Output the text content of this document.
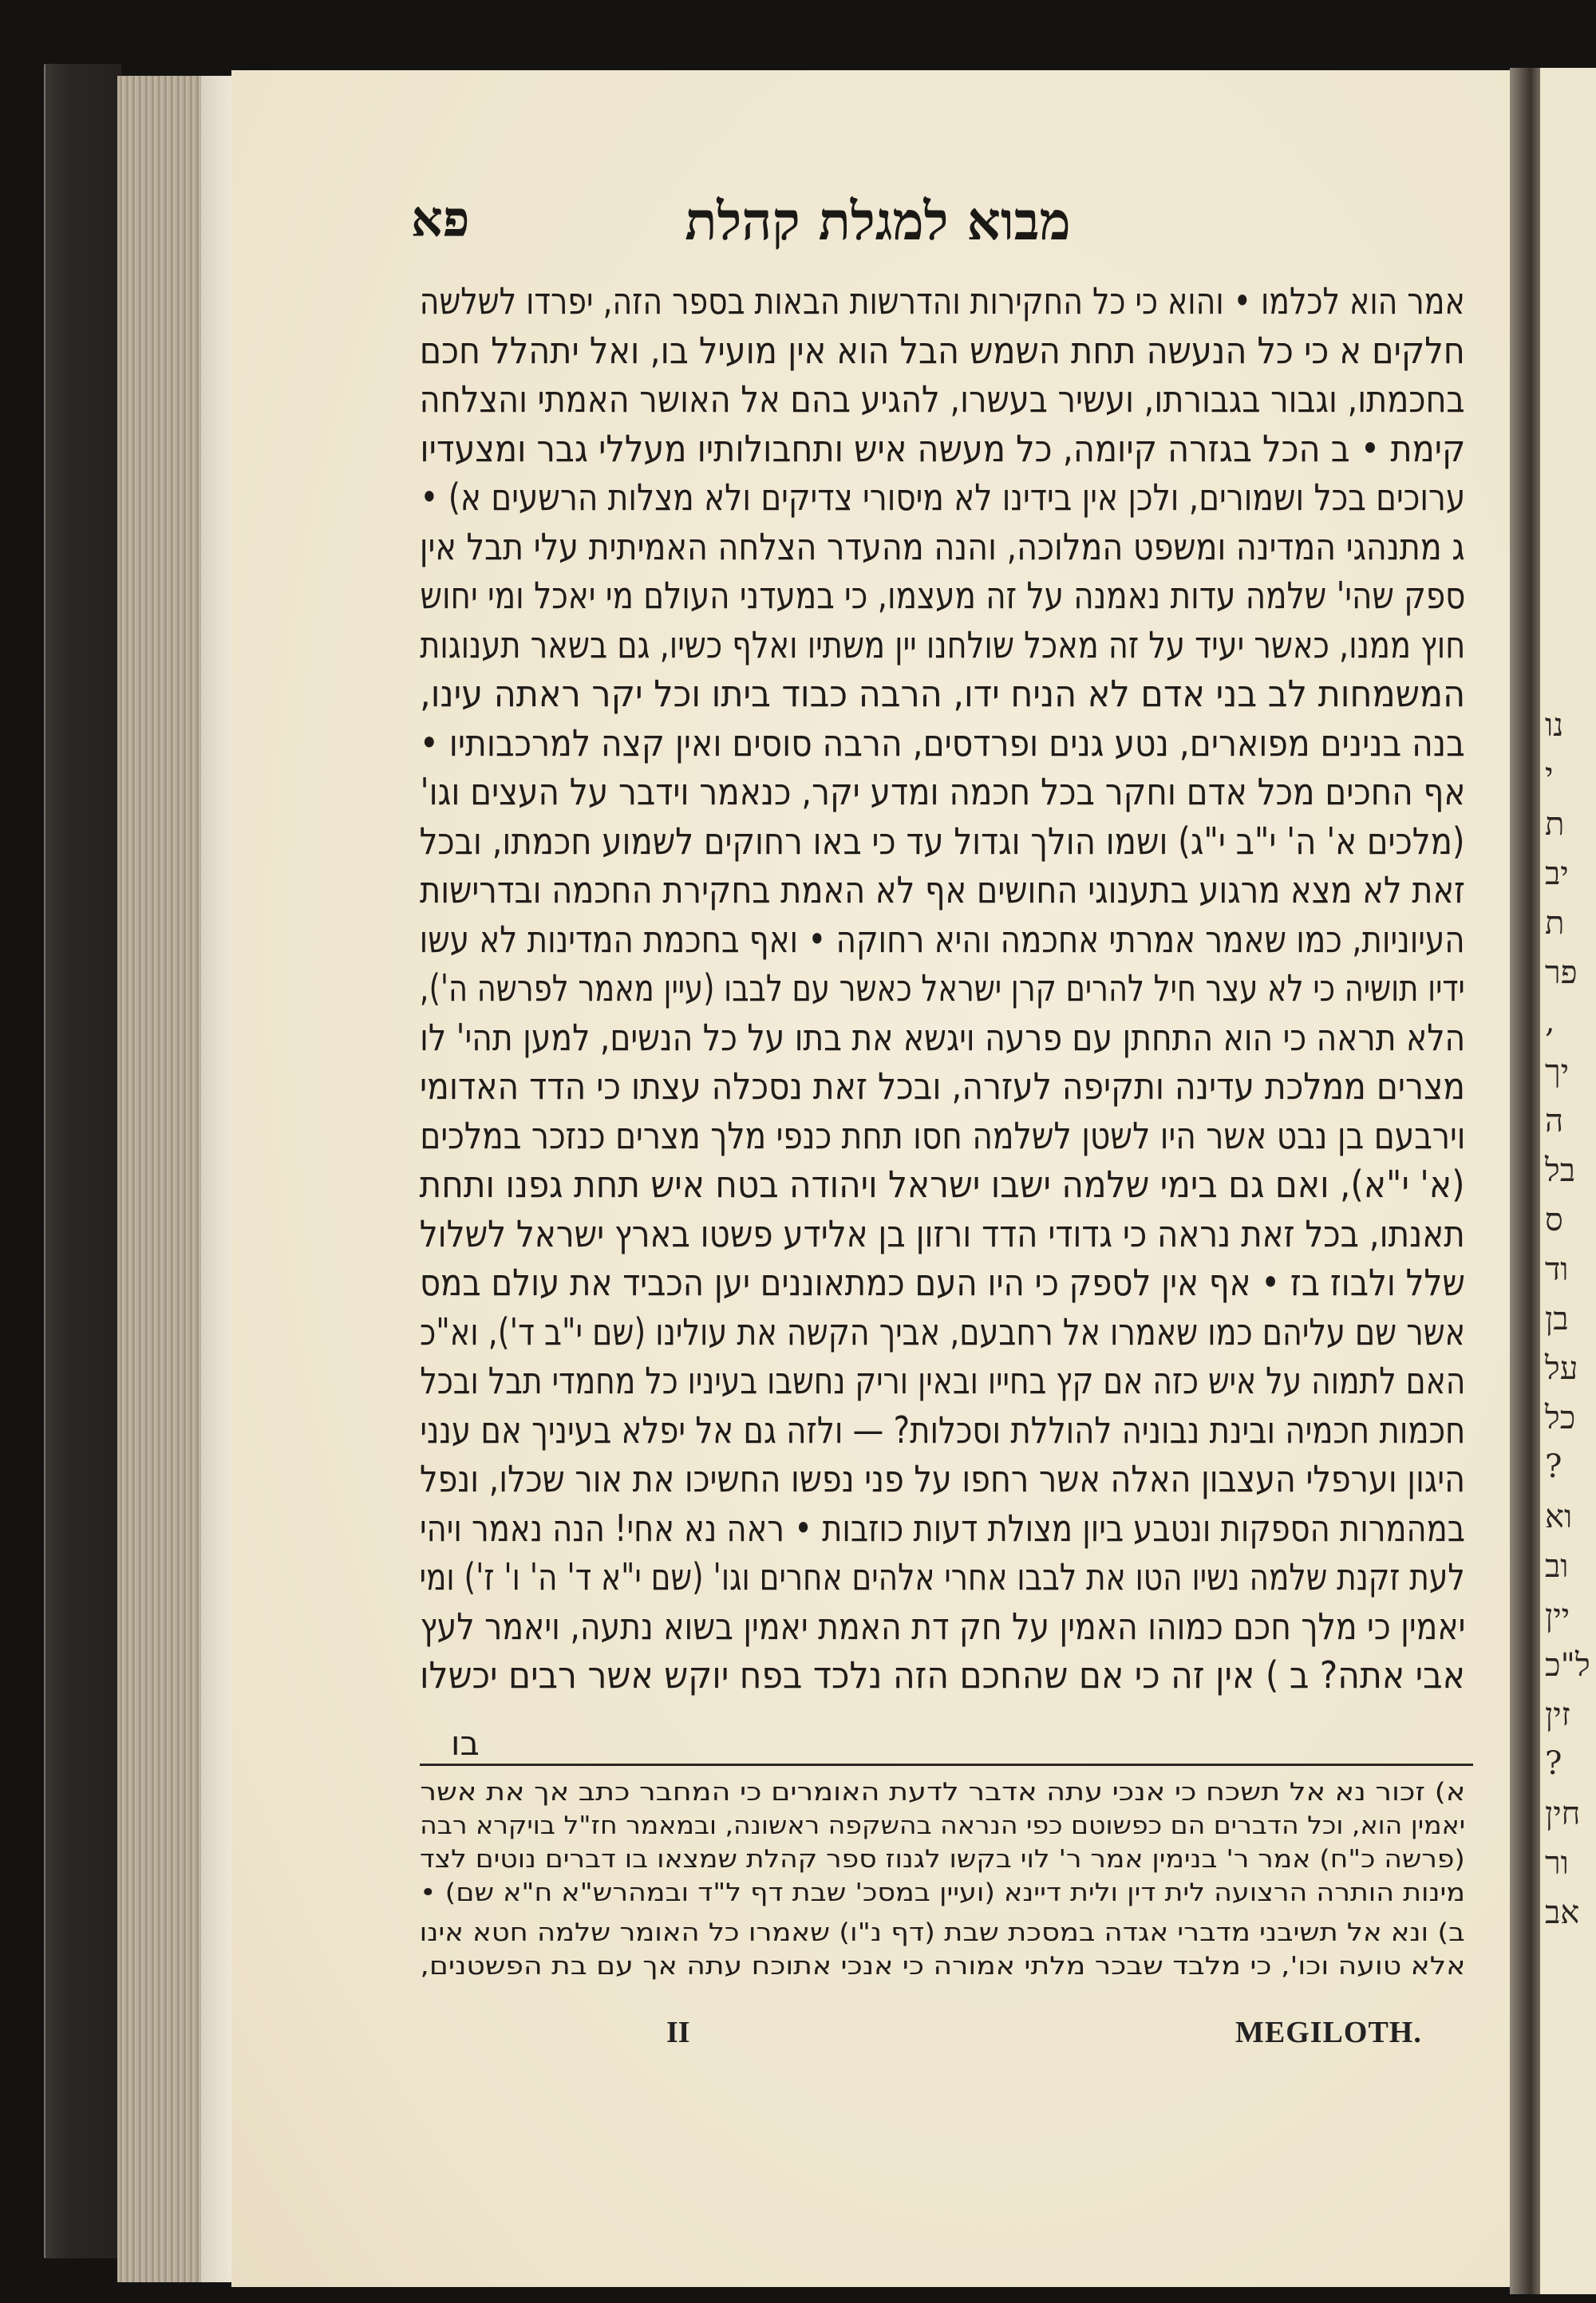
פא	מבוא למגלת קהלת
אמר הוא לכלמו • והוא כי כל החקירות והדרשות הבאות בספר הזה, יפרדו לשלשה
חלקים א כי כל הנעשה תחת השמש הבל הוא אין מועיל בו, ואל יתהלל חכם
בחכמתו, וגבור בגבורתו, ועשיר בעשרו, להגיע בהם אל האושר האמתי והצלחה
קימת • ב הכל בגזרה קיומה, כל מעשה איש ותחבולותיו מעללי גבר ומצעדיו
ערוכים בכל ושמורים, ולכן אין בידינו לא מיסורי צדיקים ולא מצלות הרשעים א) •
ג מתנהגי המדינה ומשפט המלוכה, והנה מהעדר הצלחה האמיתית עלי תבל אין
ספק שהי' שלמה עדות נאמנה על זה מעצמו, כי במעדני העולם מי יאכל ומי יחוש
חוץ ממנו, כאשר יעיד על זה מאכל שולחנו יין משתיו ואלף כשיו, גם בשאר תענוגות
המשמחות לב בני אדם לא הניח ידו, הרבה כבוד ביתו וכל יקר ראתה עינו,
בנה בנינים מפוארים, נטע גנים ופרדסים, הרבה סוסים ואין קצה למרכבותיו •
אף החכים מכל אדם וחקר בכל חכמה ומדע יקר, כנאמר וידבר על העצים וגו'
(מלכים א' ה' י"ב י"ג) ושמו הולך וגדול עד כי באו רחוקים לשמוע חכמתו, ובכל
זאת לא מצא מרגוע בתענוגי החושים אף לא האמת בחקירת החכמה ובדרישות
העיוניות, כמו שאמר אמרתי אחכמה והיא רחוקה • ואף בחכמת המדינות לא עשו
ידיו תושיה כי לא עצר חיל להרים קרן ישראל כאשר עם לבבו (עיין מאמר לפרשה ה'),
הלא תראה כי הוא התחתן עם פרעה ויגשא את בתו על כל הנשים, למען תהי' לו
מצרים ממלכת עדינה ותקיפה לעזרה, ובכל זאת נסכלה עצתו כי הדד האדומי
וירבעם בן נבט אשר היו לשטן לשלמה חסו תחת כנפי מלך מצרים כנזכר במלכים
(א' י"א), ואם גם בימי שלמה ישבו ישראל ויהודה בטח איש תחת גפנו ותחת
תאנתו, בכל זאת נראה כי גדודי הדד ורזון בן אלידע פשטו בארץ ישראל לשלול
שלל ולבוז בז • אף אין לספק כי היו העם כמתאוננים יען הכביד את עולם במס
אשר שם עליהם כמו שאמרו אל רחבעם, אביך הקשה את עולינו (שם י"ב ד'), וא"כ
האם לתמוה על איש כזה אם קץ בחייו ובאין וריק נחשבו בעיניו כל מחמדי תבל ובכל
חכמות חכמיה ובינת נבוניה להוללת וסכלות? — ולזה גם אל יפלא בעיניך אם ענני
היגון וערפלי העצבון האלה אשר רחפו על פני נפשו החשיכו את אור שכלו, ונפל
במהמרות הספקות ונטבע ביון מצולת דעות כוזבות • ראה נא אחי! הנה נאמר ויהי
לעת זקנת שלמה נשיו הטו את לבבו אחרי אלהים אחרים וגו' (שם י"א ד' ה' ו' ז') ומי
יאמין כי מלך חכם כמוהו האמין על חק דת האמת יאמין בשוא נתעה, ויאמר לעץ
אבי אתה? ב ) אין זה כי אם שהחכם הזה נלכד בפח יוקש אשר רבים יכשלו
בו
א) זכור נא אל תשכח כי אנכי עתה אדבר לדעת האומרים כי המחבר כתב אך את אשר
יאמין הוא, וכל הדברים הם כפשוטם כפי הנראה בהשקפה ראשונה, ובמאמר חז"ל בויקרא רבה
(פרשה כ"ח) אמר ר' בנימין אמר ר' לוי בקשו לגנוז ספר קהלת שמצאו בו דברים נוטים לצד
מינות הותרה הרצועה לית דין ולית דיינא (ועיין במסכ' שבת דף ל"ד ובמהרש"א ח"א שם) •
ב) ונא אל תשיבני מדברי אגדה במסכת שבת (דף נ"ו) שאמרו כל האומר שלמה חטא אינו
אלא טועה וכו', כי מלבד שבכר מלתי אמורה כי אנכי אתוכח עתה אך עם בת הפשטנים,
II	MEGILOTH.
נו
י
ת
יב
ת
פר
,
יך
ה
בל
ס
וד
בן
על
כל
?
וא
וב
יין
ל"כ
זין
?
חין
ור
אב
